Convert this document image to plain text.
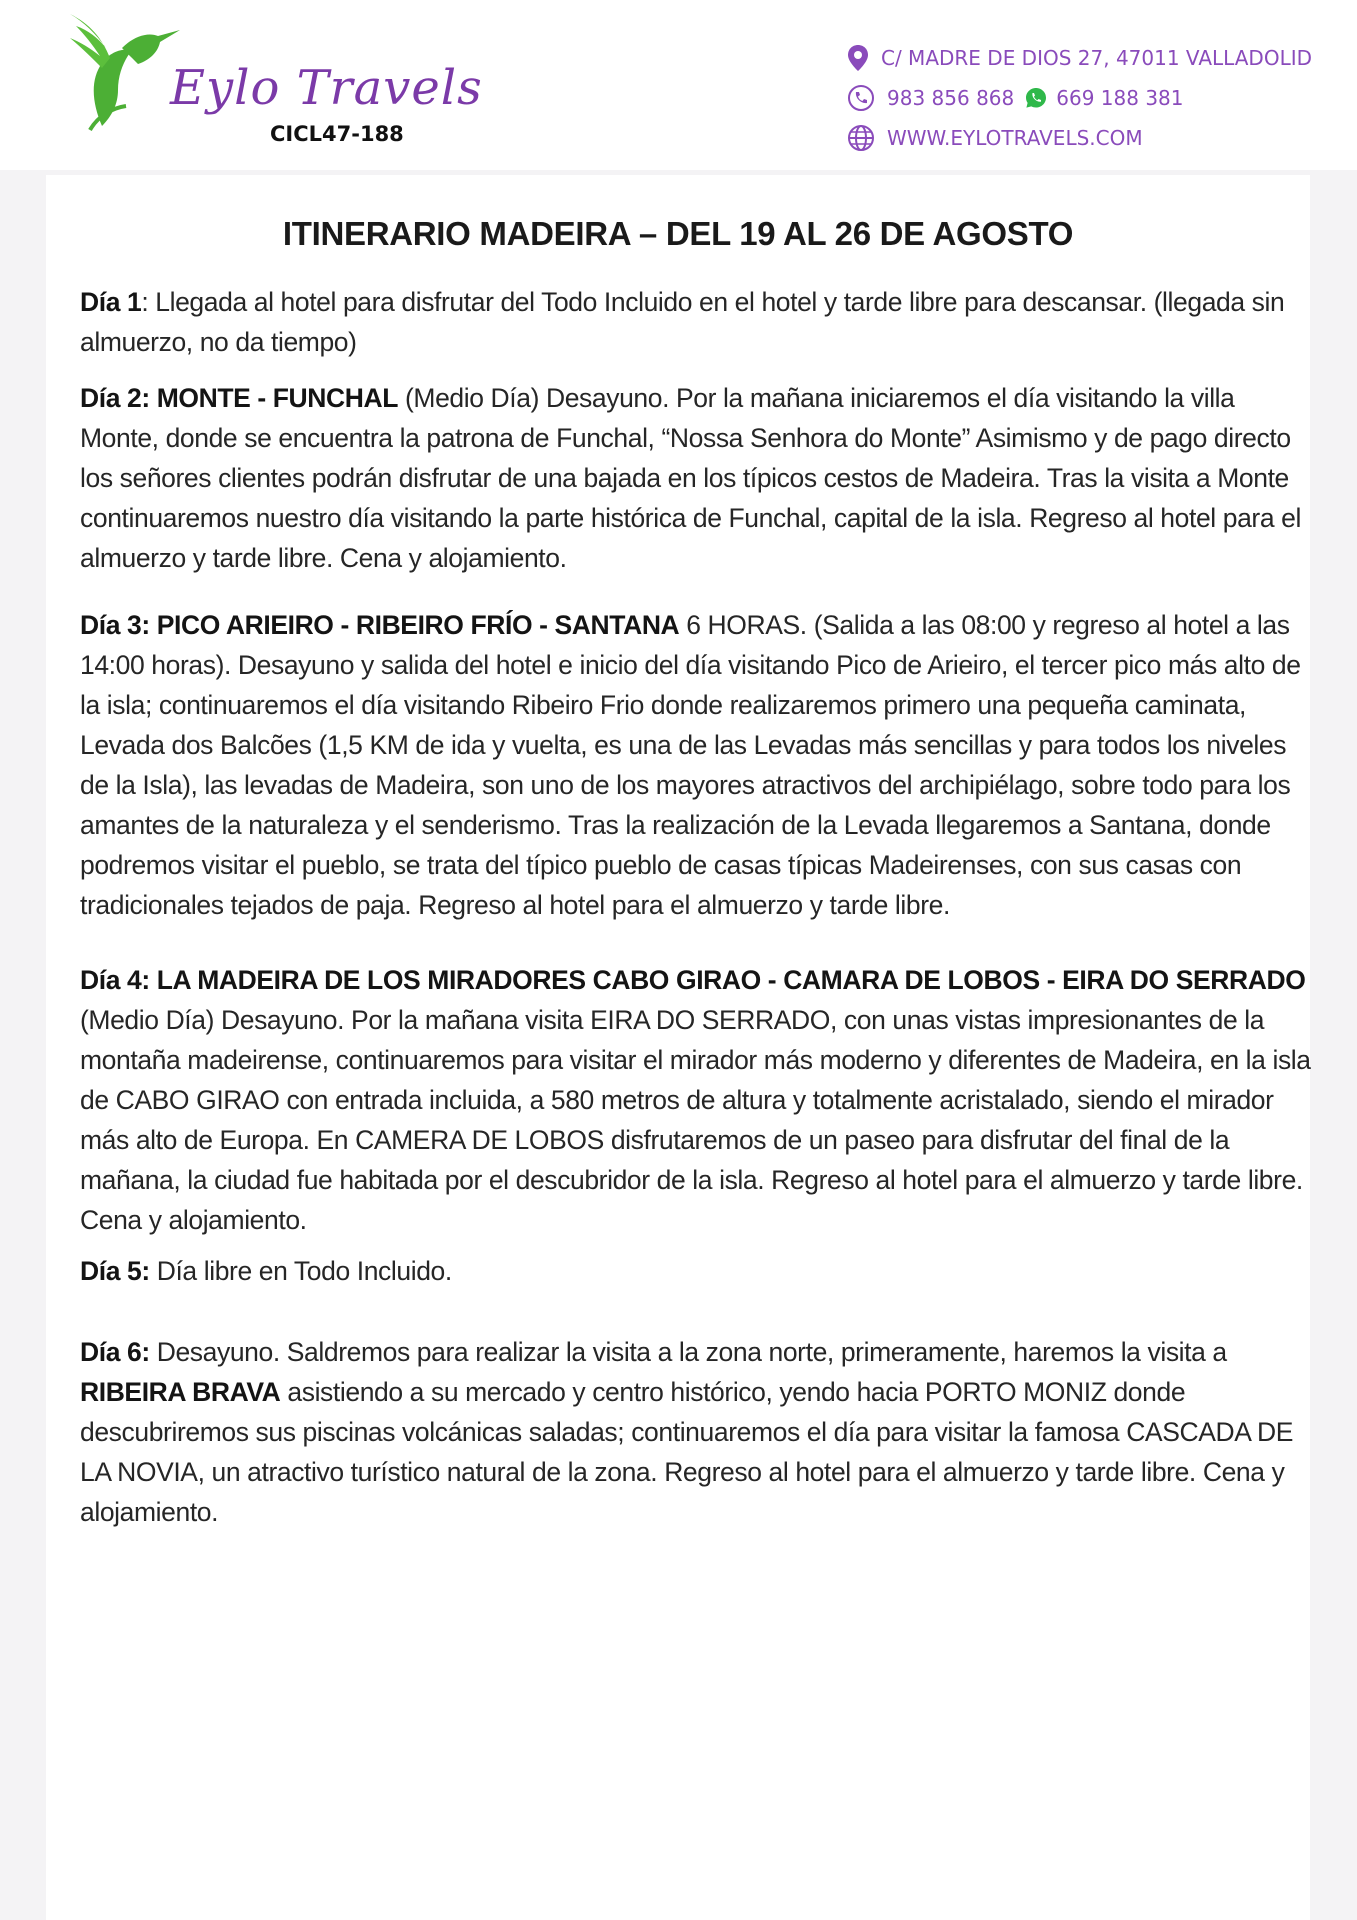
Eylo Travels
CICL47-188
C/ MADRE DE DIOS 27, 47011 VALLADOLID
983 856 868 669 188 381
WWW.EYLOTRAVELS.COM
ITINERARIO MADEIRA – DEL 19 AL 26 DE AGOSTO

Día 1: Llegada al hotel para disfrutar del Todo Incluido en el hotel y tarde libre para descansar. (llegada sin almuerzo, no da tiempo)

Día 2: MONTE - FUNCHAL (Medio Día) Desayuno. Por la mañana iniciaremos el día visitando la villa Monte, donde se encuentra la patrona de Funchal, “Nossa Senhora do Monte” Asimismo y de pago directo los señores clientes podrán disfrutar de una bajada en los típicos cestos de Madeira. Tras la visita a Monte continuaremos nuestro día visitando la parte histórica de Funchal, capital de la isla. Regreso al hotel para el almuerzo y tarde libre. Cena y alojamiento.

Día 3: PICO ARIEIRO - RIBEIRO FRÍO - SANTANA 6 HORAS. (Salida a las 08:00 y regreso al hotel a las 14:00 horas). Desayuno y salida del hotel e inicio del día visitando Pico de Arieiro, el tercer pico más alto de la isla; continuaremos el día visitando Ribeiro Frio donde realizaremos primero una pequeña caminata, Levada dos Balcões (1,5 KM de ida y vuelta, es una de las Levadas más sencillas y para todos los niveles de la Isla), las levadas de Madeira, son uno de los mayores atractivos del archipiélago, sobre todo para los amantes de la naturaleza y el senderismo. Tras la realización de la Levada llegaremos a Santana, donde podremos visitar el pueblo, se trata del típico pueblo de casas típicas Madeirenses, con sus casas con tradicionales tejados de paja. Regreso al hotel para el almuerzo y tarde libre.

Día 4: LA MADEIRA DE LOS MIRADORES CABO GIRAO - CAMARA DE LOBOS - EIRA DO SERRADO (Medio Día) Desayuno. Por la mañana visita EIRA DO SERRADO, con unas vistas impresionantes de la montaña madeirense, continuaremos para visitar el mirador más moderno y diferentes de Madeira, en la isla de CABO GIRAO con entrada incluida, a 580 metros de altura y totalmente acristalado, siendo el mirador más alto de Europa. En CAMERA DE LOBOS disfrutaremos de un paseo para disfrutar del final de la mañana, la ciudad fue habitada por el descubridor de la isla. Regreso al hotel para el almuerzo y tarde libre. Cena y alojamiento.

Día 5: Día libre en Todo Incluido.

Día 6: Desayuno. Saldremos para realizar la visita a la zona norte, primeramente, haremos la visita a RIBEIRA BRAVA asistiendo a su mercado y centro histórico, yendo hacia PORTO MONIZ donde descubriremos sus piscinas volcánicas saladas; continuaremos el día para visitar la famosa CASCADA DE LA NOVIA, un atractivo turístico natural de la zona. Regreso al hotel para el almuerzo y tarde libre. Cena y alojamiento.
